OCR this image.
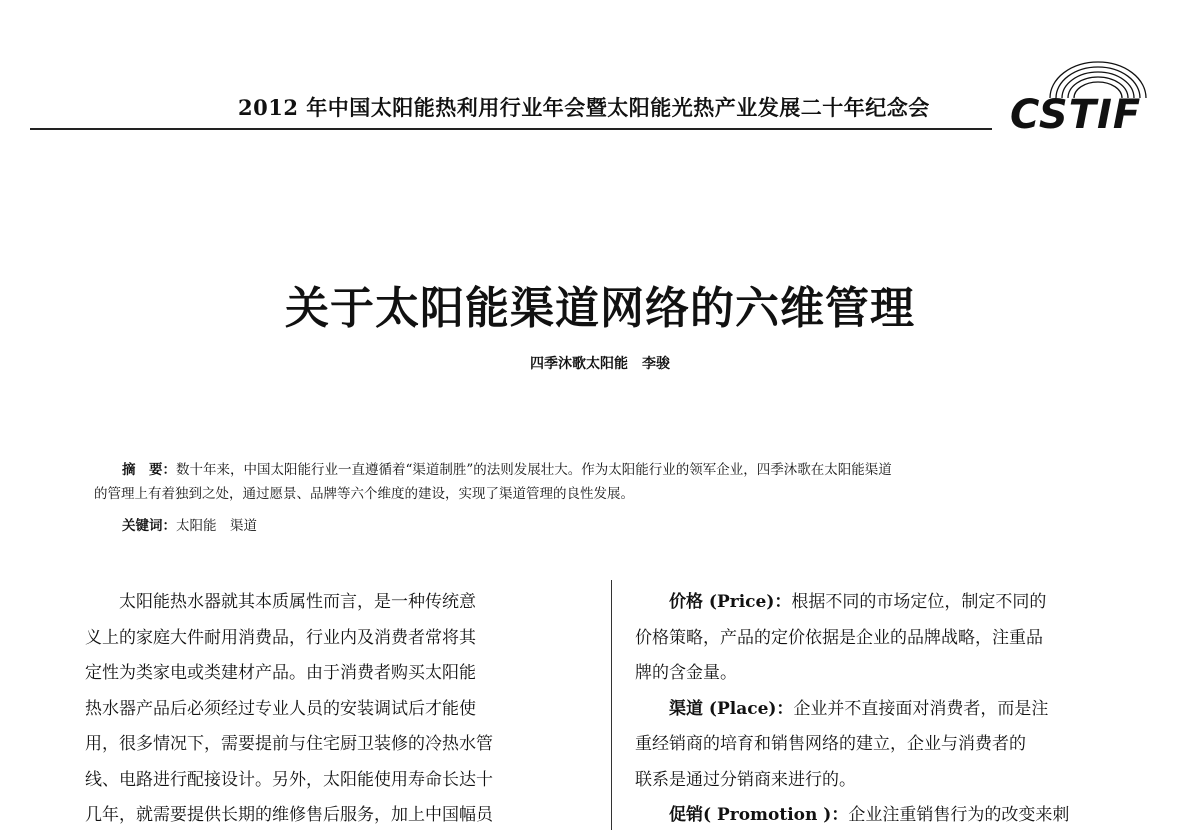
2012 年中国太阳能热利用行业年会暨太阳能光热产业发展二十年纪念会 CSTIF
关于太阳能渠道网络的六维管理
四季沐歌太阳能　李骏
摘　要：数十年来，中国太阳能行业一直遵循着“渠道制胜”的法则发展壮大。作为太阳能行业的领军企业，四季沐歌在太阳能渠道
的管理上有着独到之处，通过愿景、品牌等六个维度的建设，实现了渠道管理的良性发展。
关键词：太阳能　渠道
太阳能热水器就其本质属性而言，是一种传统意
义上的家庭大件耐用消费品，行业内及消费者常将其
定性为类家电或类建材产品。由于消费者购买太阳能
热水器产品后必须经过专业人员的安装调试后才能使
用，很多情况下，需要提前与住宅厨卫装修的冷热水管
线、电路进行配接设计。另外，太阳能使用寿命长达十
几年，就需要提供长期的维修售后服务，加上中国幅员
价格 (Price)：根据不同的市场定位，制定不同的
价格策略，产品的定价依据是企业的品牌战略，注重品
牌的含金量。
渠道 (Place)：企业并不直接面对消费者，而是注
重经销商的培育和销售网络的建立，企业与消费者的
联系是通过分销商来进行的。
促销( Promotion )：企业注重销售行为的改变来刺
